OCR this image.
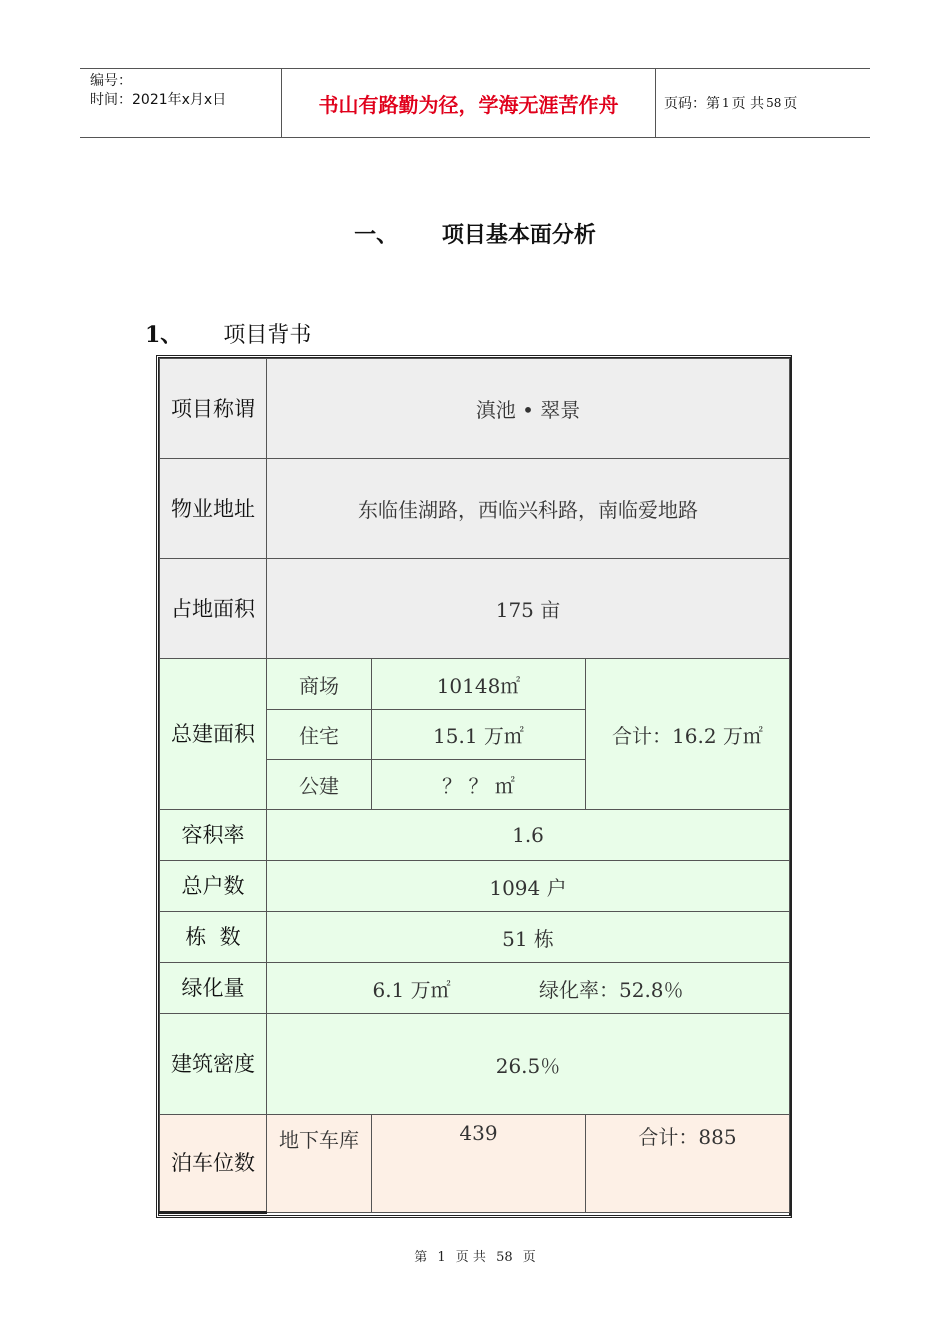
编号：
时间：2021年x月x日	书山有路勤为径，学海无涯苦作舟	页码：第 1 页 共 58 页
一、 项目基本面分析
1、 项目背书
项目称谓	滇池 • 翠景		
物业地址	东临佳湖路，西临兴科路，南临爱地路		
占地面积	175 亩		
总建面积	商场	10148㎡	合计：16.2 万㎡
	住宅	15.1 万㎡	
	公建	？ ？ ㎡	
容积率	1.6		
总户数	1094 户		
栋  数	51 栋		
绿化量	6.1 万㎡ 绿化率：52.8％		
建筑密度	26.5％		
泊车位数	地下车库	439	合计：885
第 1 页 共 58 页
